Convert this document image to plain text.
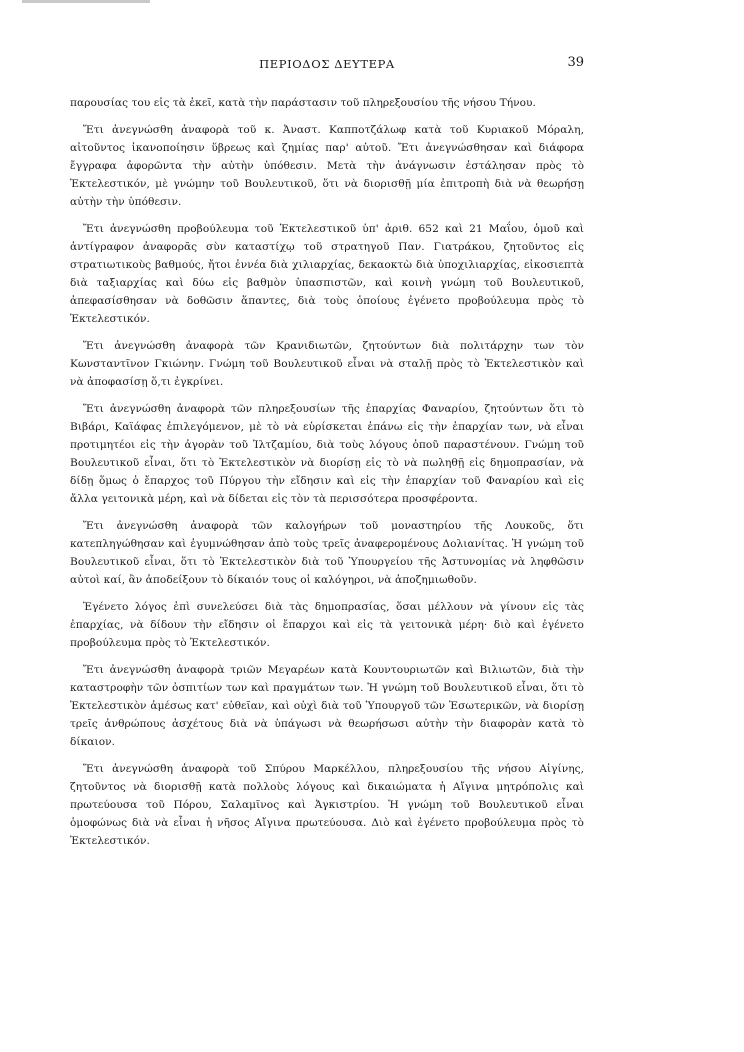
ΠΕΡΙΟΔΟΣ ΔΕΥΤΕΡΑ	39

παρουσίας του εἰς τὰ ἐκεῖ, κατὰ τὴν παράστασιν τοῦ πληρεξουσίου τῆς νήσου Τήνου.

Ἔτι ἀνεγνώσθη ἀναφορὰ τοῦ κ. Ἀναστ. Καπποτζάλωφ κατὰ τοῦ Κυριακοῦ Μόραλη, αἰτοῦντος ἱκανοποίησιν ὕβρεως καὶ ζημίας παρ' αὐτοῦ. Ἔτι ἀνεγνώσθησαν καὶ διάφορα ἔγγραφα ἀφορῶντα τὴν αὐτὴν ὑπόθεσιν. Μετὰ τὴν ἀνάγνωσιν ἐστάλησαν πρὸς τὸ Ἐκτελεστικόν, μὲ γνώμην τοῦ Βουλευτικοῦ, ὅτι νὰ διορισθῇ μία ἐπιτροπὴ διὰ νὰ θεωρήσῃ αὐτὴν τὴν ὑπόθεσιν.

Ἔτι ἀνεγνώσθη προβούλευμα τοῦ Ἐκτελεστικοῦ ὑπ' ἀριθ. 652 καὶ 21 Μαΐου, ὁμοῦ καὶ ἀντίγραφον ἀναφορᾶς σὺν καταστίχῳ τοῦ στρατηγοῦ Παν. Γιατράκου, ζητοῦντος εἰς στρατιωτικοὺς βαθμούς, ἤτοι ἐννέα διὰ χιλιαρχίας, δεκαοκτὼ διὰ ὑποχιλιαρχίας, εἰκοσιεπτὰ διὰ ταξιαρχίας καὶ δύω εἰς βαθμὸν ὑπασπιστῶν, καὶ κοινὴ γνώμη τοῦ Βουλευτικοῦ, ἀπεφασίσθησαν νὰ δοθῶσιν ἅπαντες, διὰ τοὺς ὁποίους ἐγένετο προβούλευμα πρὸς τὸ Ἐκτελεστικόν.

Ἔτι ἀνεγνώσθη ἀναφορὰ τῶν Κρανιδιωτῶν, ζητούντων διὰ πολιτάρχην των τὸν Κωνσταντῖνον Γκιώνην. Γνώμη τοῦ Βουλευτικοῦ εἶναι νὰ σταλῇ πρὸς τὸ Ἐκτελεστικὸν καὶ νὰ ἀποφασίσῃ ὅ,τι ἐγκρίνει.

Ἔτι ἀνεγνώσθη ἀναφορὰ τῶν πληρεξουσίων τῆς ἐπαρχίας Φαναρίου, ζητούντων ὅτι τὸ Βιβάρι, Καϊάφας ἐπιλεγόμενον, μὲ τὸ νὰ εὑρίσκεται ἐπάνω εἰς τὴν ἐπαρχίαν των, νὰ εἶναι προτιμητέοι εἰς τὴν ἀγορὰν τοῦ Ἰλτζαμίου, διὰ τοὺς λόγους ὁποῦ παραστένουν. Γνώμη τοῦ Βουλευτικοῦ εἶναι, ὅτι τὸ Ἐκτελεστικὸν νὰ διορίσῃ εἰς τὸ νὰ πωληθῇ εἰς δημοπρασίαν, νὰ δίδῃ ὅμως ὁ ἔπαρχος τοῦ Πύργου τὴν εἴδησιν καὶ εἰς τὴν ἐπαρχίαν τοῦ Φαναρίου καὶ εἰς ἄλλα γειτονικὰ μέρη, καὶ νὰ δίδεται εἰς τὸν τὰ περισσότερα προσφέροντα.

Ἔτι ἀνεγνώσθη ἀναφορὰ τῶν καλογήρων τοῦ μοναστηρίου τῆς Λουκοῦς, ὅτι κατεπληγώθησαν καὶ ἐγυμνώθησαν ἀπὸ τοὺς τρεῖς ἀναφερομένους Δολιανίτας. Ἡ γνώμη τοῦ Βουλευτικοῦ εἶναι, ὅτι τὸ Ἐκτελεστικὸν διὰ τοῦ Ὑπουργείου τῆς Ἀστυνομίας νὰ ληφθῶσιν αὐτοὶ καί, ἂν ἀποδείξουν τὸ δίκαιόν τους οἱ καλόγηροι, νὰ ἀποζημιωθοῦν.

Ἐγένετο λόγος ἐπὶ συνελεύσει διὰ τὰς δημοπρασίας, ὅσαι μέλλουν νὰ γίνουν εἰς τὰς ἐπαρχίας, νὰ δίδουν τὴν εἴδησιν οἱ ἔπαρχοι καὶ εἰς τὰ γειτονικὰ μέρη· διὸ καὶ ἐγένετο προβούλευμα πρὸς τὸ Ἐκτελεστικόν.

Ἔτι ἀνεγνώσθη ἀναφορὰ τριῶν Μεγαρέων κατὰ Κουντουριωτῶν καὶ Βιλιωτῶν, διὰ τὴν καταστροφὴν τῶν ὀσπιτίων των καὶ πραγμάτων των. Ἡ γνώμη τοῦ Βουλευτικοῦ εἶναι, ὅτι τὸ Ἐκτελεστικὸν ἀμέσως κατ' εὐθεῖαν, καὶ οὐχὶ διὰ τοῦ Ὑπουργοῦ τῶν Ἐσωτερικῶν, νὰ διορίσῃ τρεῖς ἀνθρώπους ἀσχέτους διὰ νὰ ὑπάγωσι νὰ θεωρήσωσι αὐτὴν τὴν διαφορὰν κατὰ τὸ δίκαιον.

Ἔτι ἀνεγνώσθη ἀναφορὰ τοῦ Σπύρου Μαρκέλλου, πληρεξουσίου τῆς νήσου Αἰγίνης, ζητοῦντος νὰ διορισθῇ κατὰ πολλοὺς λόγους καὶ δικαιώματα ἡ Αἴγινα μητρόπολις καὶ πρωτεύουσα τοῦ Πόρου, Σαλαμῖνος καὶ Ἀγκιστρίου. Ἡ γνώμη τοῦ Βουλευτικοῦ εἶναι ὁμοφώνως διὰ νὰ εἶναι ἡ νῆσος Αἴγινα πρωτεύουσα. Διὸ καὶ ἐγένετο προβούλευμα πρὸς τὸ Ἐκτελεστικόν.
